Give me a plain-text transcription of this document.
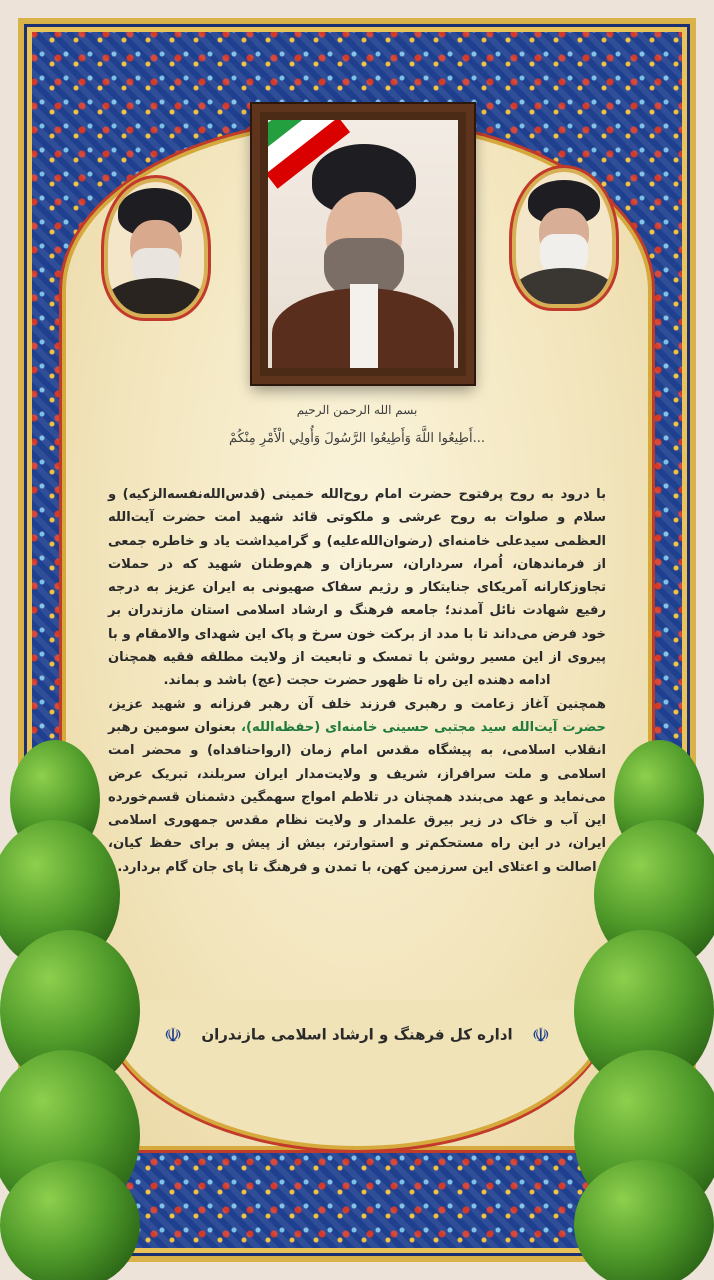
بسم الله الرحمن الرحیم
أَطِيعُوا اللَّهَ وَأَطِيعُوا الرَّسُولَ وَأُولِي الْأَمْرِ مِنْكُمْ...

با درود به روح پرفتوح حضرت امام روح‌الله خمینی (قدس‌الله‌نفسه‌الزکیه) و سلام و صلوات به روح عرشی و ملکوتی قائد شهید امت حضرت آیت‌الله العظمی سیدعلی خامنه‌ای (رضوان‌الله‌علیه) و گرامیداشت یاد و خاطره جمعی از فرماندهان، اُمرا، سرداران، سربازان و هم‌وطنان شهید که در حملات تجاوزکارانه آمریکای جنایتکار و رژیم سفاک صهیونی به ایران عزیز به درجه رفیع شهادت نائل آمدند؛ جامعه فرهنگ و ارشاد اسلامی استان مازندران بر خود فرض می‌داند تا با مدد از برکت خون سرخ و پاک این شهدای والامقام و با پیروی از این مسیر روشن با تمسک و تابعیت از ولایت مطلقه فقیه همچنان ادامه دهنده این راه تا ظهور حضرت حجت (عج) باشد و بماند.

همچنین آغاز زعامت و رهبری فرزند خلف آن رهبر فرزانه و شهید عزیز، حضرت آیت‌الله سید مجتبی حسینی خامنه‌ای (حفظه‌الله)، بعنوان سومین رهبر انقلاب اسلامی، به پیشگاه مقدس امام زمان (ارواحنافداه) و محضر امت اسلامی و ملت سرافراز، شریف و ولایت‌مدار ایران سربلند، تبریک عرض می‌نماید و عهد می‌بندد همچنان در تلاطم امواج سهمگین دشمنان قسم‌خورده این آب و خاک در زیر بیرق علمدار و ولایت نظام مقدس جمهوری اسلامی ایران، در این راه مستحکم‌تر و استوارتر، بیش از پیش و برای حفظ کیان، اصالت و اعتلای این سرزمین کهن، با تمدن و فرهنگ تا پای جان گام بردارد.

☫ اداره کل فرهنگ و ارشاد اسلامی مازندران ☫
